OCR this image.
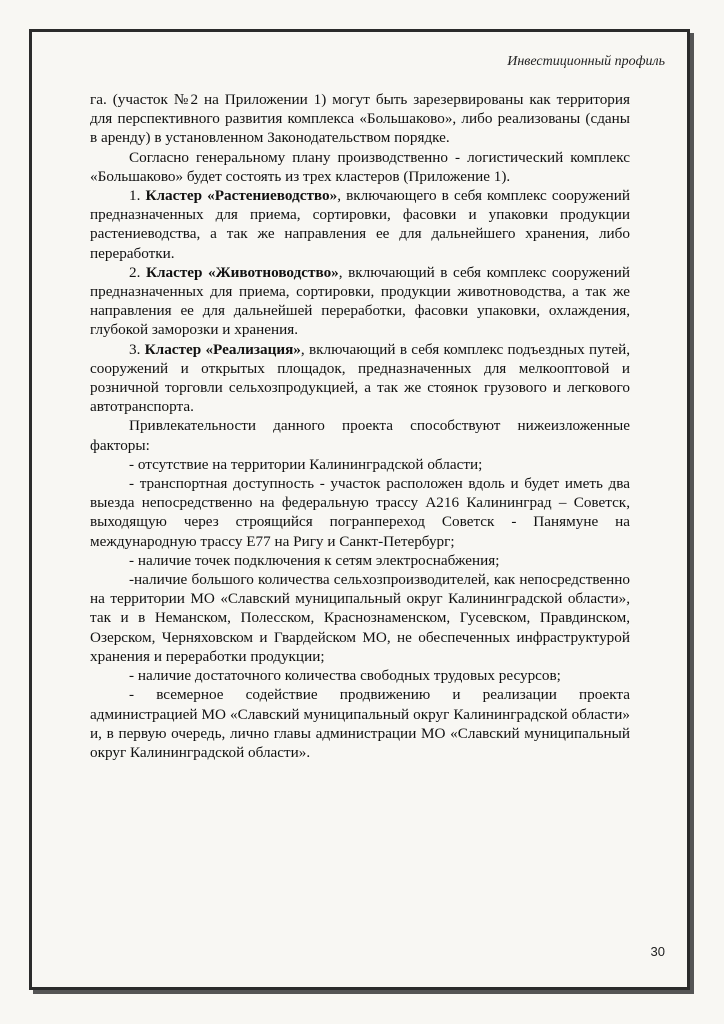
Инвестиционный профиль

га. (участок №2 на Приложении 1) могут быть зарезервированы как территория для перспективного развития комплекса «Большаково», либо реализованы (сданы в аренду) в установленном Законодательством порядке.

Согласно генеральному плану производственно - логистический комплекс «Большаково» будет состоять из трех кластеров (Приложение 1).

1. Кластер «Растениеводство», включающего в себя комплекс сооружений предназначенных для приема, сортировки, фасовки и упаковки продукции растениеводства, а так же направления ее для дальнейшего хранения, либо переработки.

2. Кластер «Животноводство», включающий в себя комплекс сооружений предназначенных для приема, сортировки, продукции животноводства, а так же направления ее для дальнейшей переработки, фасовки упаковки, охлаждения, глубокой заморозки и хранения.

3. Кластер «Реализация», включающий в себя комплекс подъездных путей, сооружений и открытых площадок, предназначенных для мелкооптовой и розничной торговли сельхозпродукцией, а так же стоянок грузового и легкового автотранспорта.

Привлекательности данного проекта способствуют нижеизложенные факторы:

- отсутствие на территории Калининградской области;

- транспортная доступность - участок расположен вдоль и будет иметь два выезда непосредственно на федеральную трассу А216 Калининград – Советск, выходящую через строящийся погранпереход Советск - Панямуне на международную трассу Е77 на Ригу и Санкт-Петербург;

- наличие точек подключения к сетям электроснабжения;

-наличие большого количества сельхозпроизводителей, как непосредственно на территории МО «Славский муниципальный округ Калининградской области», так и в Неманском, Полесском, Краснознаменском, Гусевском, Правдинском, Озерском, Черняховском и Гвардейском МО, не обеспеченных инфраструктурой хранения и переработки продукции;

- наличие достаточного количества свободных трудовых ресурсов;

- всемерное содействие продвижению и реализации проекта администрацией МО «Славский муниципальный округ Калининградской области» и, в первую очередь, лично главы администрации МО «Славский муниципальный округ Калининградской области».

30
